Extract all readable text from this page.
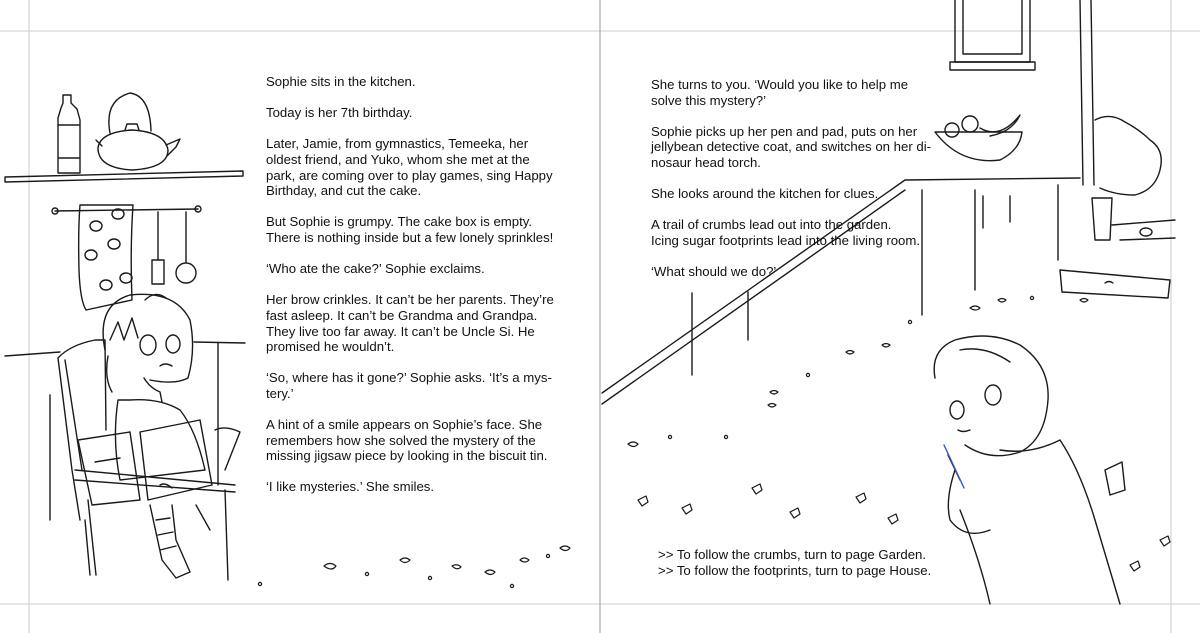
Sophie sits in the kitchen.

Today is her 7th birthday.

Later, Jamie, from gymnastics, Temeeka, her
oldest friend, and Yuko, whom she met at the
park, are coming over to play games, sing Happy
Birthday, and cut the cake.

But Sophie is grumpy. The cake box is empty.
There is nothing inside but a few lonely sprinkles!

‘Who ate the cake?’ Sophie exclaims.

Her brow crinkles. It can’t be her parents. They’re
fast asleep. It can’t be Grandma and Grandpa.
They live too far away. It can’t be Uncle Si. He
promised he wouldn’t.

‘So, where has it gone?’ Sophie asks. ‘It’s a mys-
tery.’

A hint of a smile appears on Sophie’s face. She
remembers how she solved the mystery of the
missing jigsaw piece by looking in the biscuit tin.

‘I like mysteries.’ She smiles.

She turns to you. ‘Would you like to help me
solve this mystery?’

Sophie picks up her pen and pad, puts on her
jellybean detective coat, and switches on her di-
nosaur head torch.

She looks around the kitchen for clues.

A trail of crumbs lead out into the garden.
Icing sugar footprints lead into the living room.

‘What should we do?’

>> To follow the crumbs, turn to page Garden.

>> To follow the footprints, turn to page House.
